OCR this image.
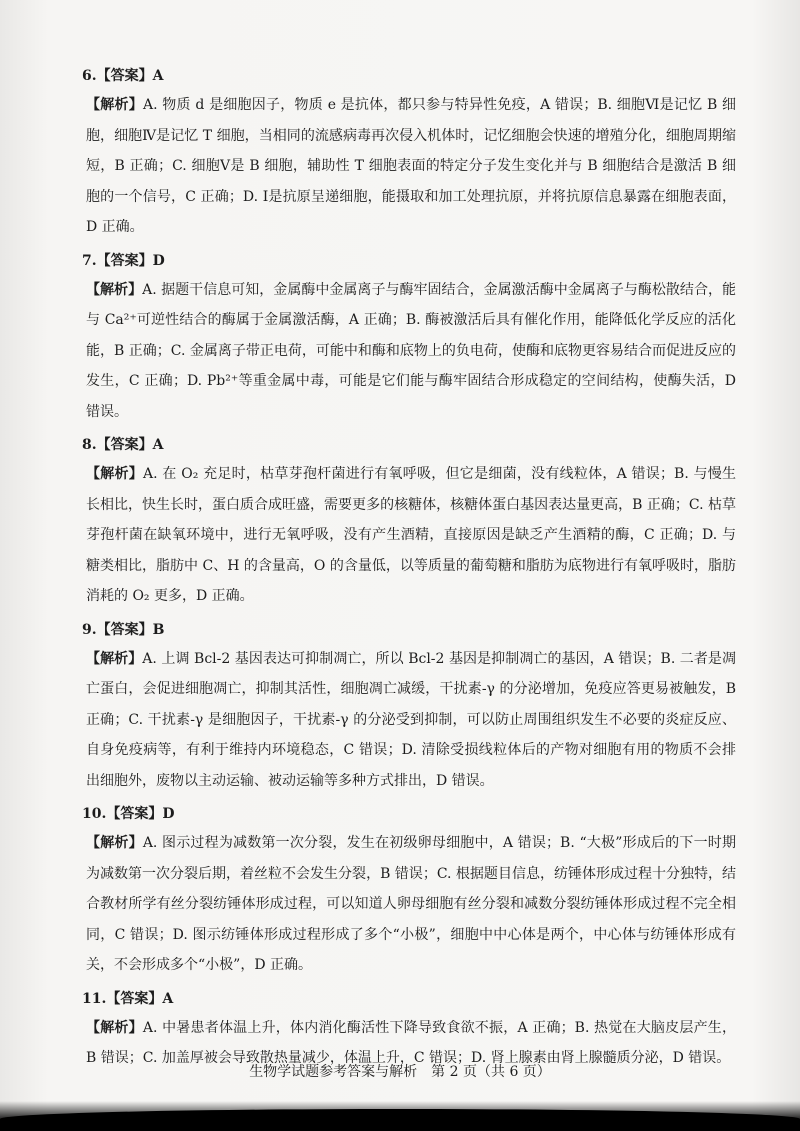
6.【答案】A
【解析】A. 物质 d 是细胞因子，物质 e 是抗体，都只参与特异性免疫，A 错误；B. 细胞Ⅵ是记忆 B 细胞，细胞Ⅳ是记忆 T 细胞，当相同的流感病毒再次侵入机体时，记忆细胞会快速的增殖分化，细胞周期缩短，B 正确；C. 细胞Ⅴ是 B 细胞，辅助性 T 细胞表面的特定分子发生变化并与 B 细胞结合是激活 B 细胞的一个信号，C 正确；D. Ⅰ是抗原呈递细胞，能摄取和加工处理抗原，并将抗原信息暴露在细胞表面，D 正确。
7.【答案】D
【解析】A. 据题干信息可知，金属酶中金属离子与酶牢固结合，金属激活酶中金属离子与酶松散结合，能与 Ca²⁺可逆性结合的酶属于金属激活酶，A 正确；B. 酶被激活后具有催化作用，能降低化学反应的活化能，B 正确；C. 金属离子带正电荷，可能中和酶和底物上的负电荷，使酶和底物更容易结合而促进反应的发生，C 正确；D. Pb²⁺等重金属中毒，可能是它们能与酶牢固结合形成稳定的空间结构，使酶失活，D 错误。
8.【答案】A
【解析】A. 在 O₂ 充足时，枯草芽孢杆菌进行有氧呼吸，但它是细菌，没有线粒体，A 错误；B. 与慢生长相比，快生长时，蛋白质合成旺盛，需要更多的核糖体，核糖体蛋白基因表达量更高，B 正确；C. 枯草芽孢杆菌在缺氧环境中，进行无氧呼吸，没有产生酒精，直接原因是缺乏产生酒精的酶，C 正确；D. 与糖类相比，脂肪中 C、H 的含量高，O 的含量低，以等质量的葡萄糖和脂肪为底物进行有氧呼吸时，脂肪消耗的 O₂ 更多，D 正确。
9.【答案】B
【解析】A. 上调 Bcl-2 基因表达可抑制凋亡，所以 Bcl-2 基因是抑制凋亡的基因，A 错误；B. 二者是凋亡蛋白，会促进细胞凋亡，抑制其活性，细胞凋亡减缓，干扰素-γ 的分泌增加，免疫应答更易被触发，B 正确；C. 干扰素-γ 是细胞因子，干扰素-γ 的分泌受到抑制，可以防止周围组织发生不必要的炎症反应、自身免疫病等，有利于维持内环境稳态，C 错误；D. 清除受损线粒体后的产物对细胞有用的物质不会排出细胞外，废物以主动运输、被动运输等多种方式排出，D 错误。
10.【答案】D
【解析】A. 图示过程为减数第一次分裂，发生在初级卵母细胞中，A 错误；B. “大极”形成后的下一时期为减数第一次分裂后期，着丝粒不会发生分裂，B 错误；C. 根据题目信息，纺锤体形成过程十分独特，结合教材所学有丝分裂纺锤体形成过程，可以知道人卵母细胞有丝分裂和减数分裂纺锤体形成过程不完全相同，C 错误；D. 图示纺锤体形成过程形成了多个“小极”，细胞中中心体是两个，中心体与纺锤体形成有关，不会形成多个“小极”，D 正确。
11.【答案】A
【解析】A. 中暑患者体温上升，体内消化酶活性下降导致食欲不振，A 正确；B. 热觉在大脑皮层产生，B 错误；C. 加盖厚被会导致散热量减少，体温上升，C 错误；D. 肾上腺素由肾上腺髓质分泌，D 错误。
生物学试题参考答案与解析　第 2 页（共 6 页）
